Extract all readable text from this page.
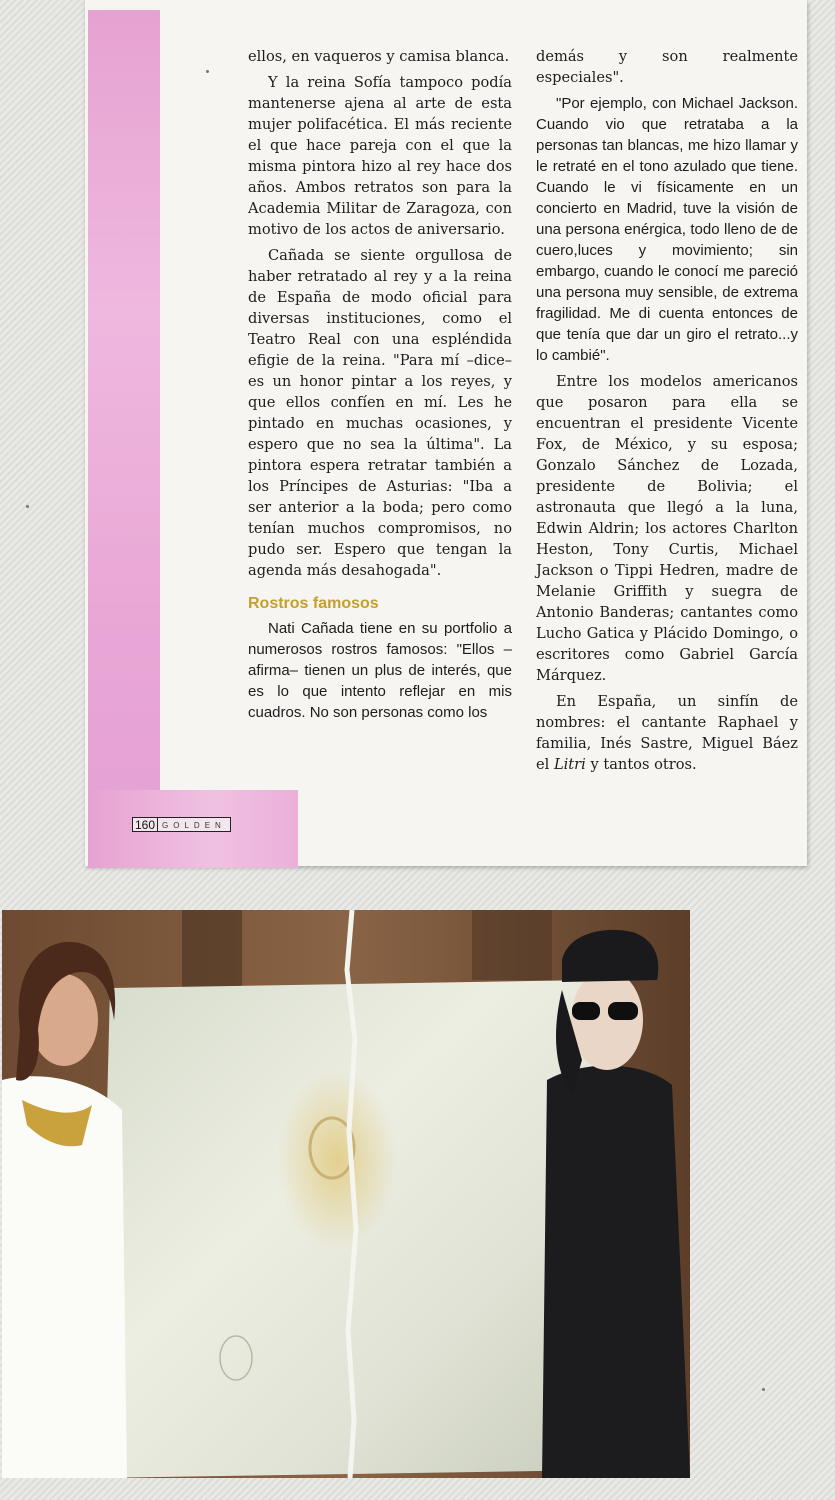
ellos, en vaqueros y camisa blanca.

Y la reina Sofía tampoco podía mantenerse ajena al arte de esta mujer polifacética. El más reciente el que hace pareja con el que la misma pintora hizo al rey hace dos años. Ambos retratos son para la Academia Militar de Zaragoza, con motivo de los actos de aniversario.

Cañada se siente orgullosa de haber retratado al rey y a la reina de España de modo oficial para diversas instituciones, como el Teatro Real con una espléndida efigie de la reina. "Para mí –dice– es un honor pintar a los reyes, y que ellos confíen en mí. Les he pintado en muchas ocasiones, y espero que no sea la última". La pintora espera retratar también a los Príncipes de Asturias: "Iba a ser anterior a la boda; pero como tenían muchos compromisos, no pudo ser. Espero que tengan la agenda más desahogada".

Rostros famosos

Nati Cañada tiene en su portfolio a numerosos rostros famosos: "Ellos –afirma– tienen un plus de interés, que es lo que intento reflejar en mis cuadros. No son personas como los

demás y son realmente especiales".

"Por ejemplo, con Michael Jackson. Cuando vio que retrataba a la personas tan blancas, me hizo llamar y le retraté en el tono azulado que tiene. Cuando le vi físicamente en un concierto en Madrid, tuve la visión de una persona enérgica, todo lleno de de cuero,luces y movimiento; sin embargo, cuando le conocí me pareció una persona muy sensible, de extrema fragilidad. Me di cuenta entonces de que tenía que dar un giro el retrato...y lo cambié".

Entre los modelos americanos que posaron para ella se encuentran el presidente Vicente Fox, de México, y su esposa; Gonzalo Sánchez de Lozada, presidente de Bolivia; el astronauta que llegó a la luna, Edwin Aldrin; los actores Charlton Heston, Tony Curtis, Michael Jackson o Tippi Hedren, madre de Melanie Griffith y suegra de Antonio Banderas; cantantes como Lucho Gatica y Plácido Domingo, o escritores como Gabriel García Márquez.

En España, un sinfín de nombres: el cantante Raphael y familia, Inés Sastre, Miguel Báez el Litri y tantos otros.

160 GOLDEN
